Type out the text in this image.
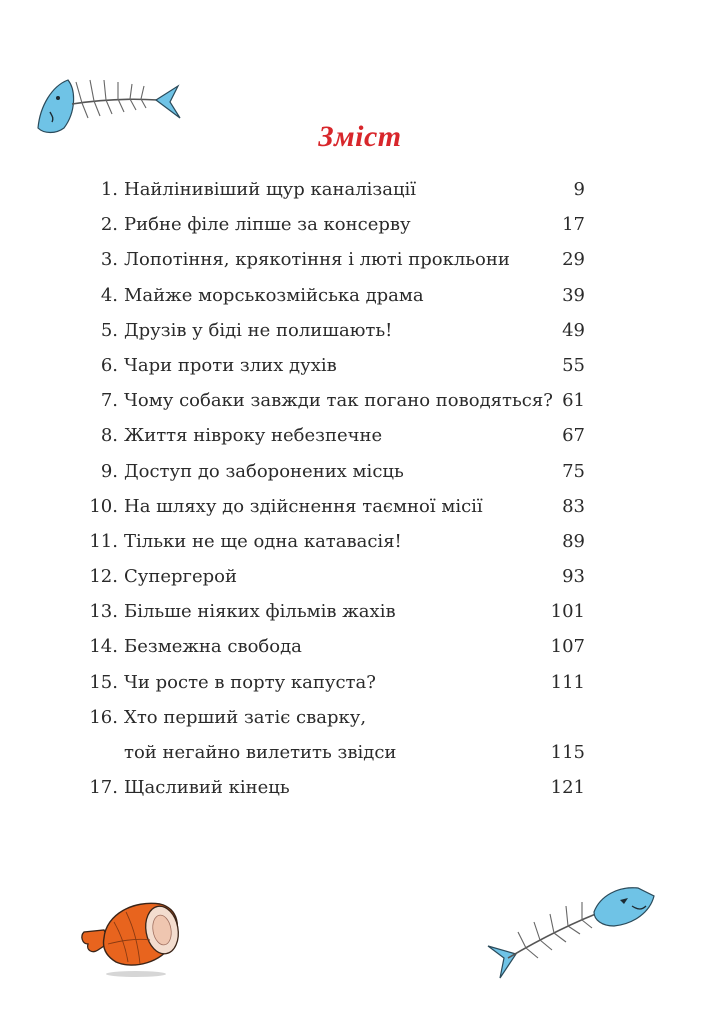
Зміст
1. Найлінивіший щур каналізації	9
2. Рибне філе ліпше за консерву	17
3. Лопотіння, крякотіння і люті прокльони	29
4. Майже морськозмійська драма	39
5. Друзів у біді не полишають!	49
6. Чари проти злих духів	55
7. Чому собаки завжди так погано поводяться? 61
8. Життя нівроку небезпечне	67
9. Доступ до заборонених місць	75
10. На шляху до здійснення таємної місії	83
11. Тільки не ще одна катавасія!	89
12. Супергерой	93
13. Більше ніяких фільмів жахів	101
14. Безмежна свобода	107
15. Чи росте в порту капуста?	111
16. Хто перший затіє сварку,
той негайно вилетить звідси	115
17. Щасливий кінець	121
